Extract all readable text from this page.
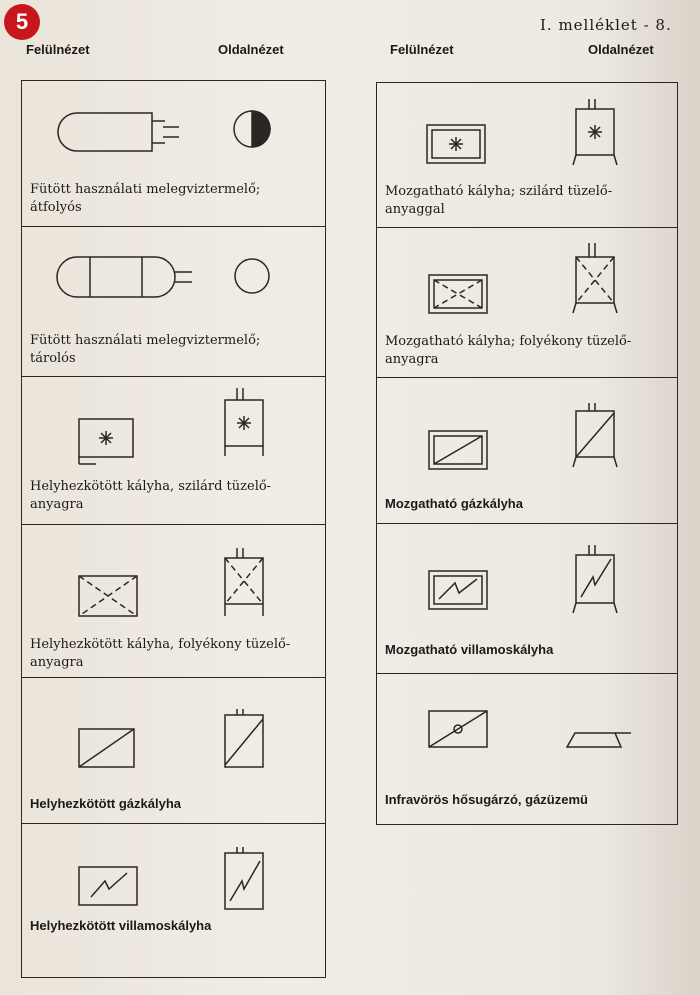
5	I. melléklet - 8.
Felülnézet	Oldalnézet	Felülnézet	Oldalnézet
Fütött használati melegviztermelő;
átfolyós
Fütött használati melegviztermelő;
tárolós
Helyhezkötött kályha, szilárd tüzelő-
anyagra
Helyhezkötött kályha, folyékony tüzelő-
anyagra
Helyhezkötött gázkályha
Helyhezkötött villamoskályha
Mozgatható kályha; szilárd tüzelő-
anyaggal
Mozgatható kályha; folyékony tüzelő-
anyagra
Mozgatható gázkályha
Mozgatható villamoskályha
Infravörös hősugárzó, gázüzemü
